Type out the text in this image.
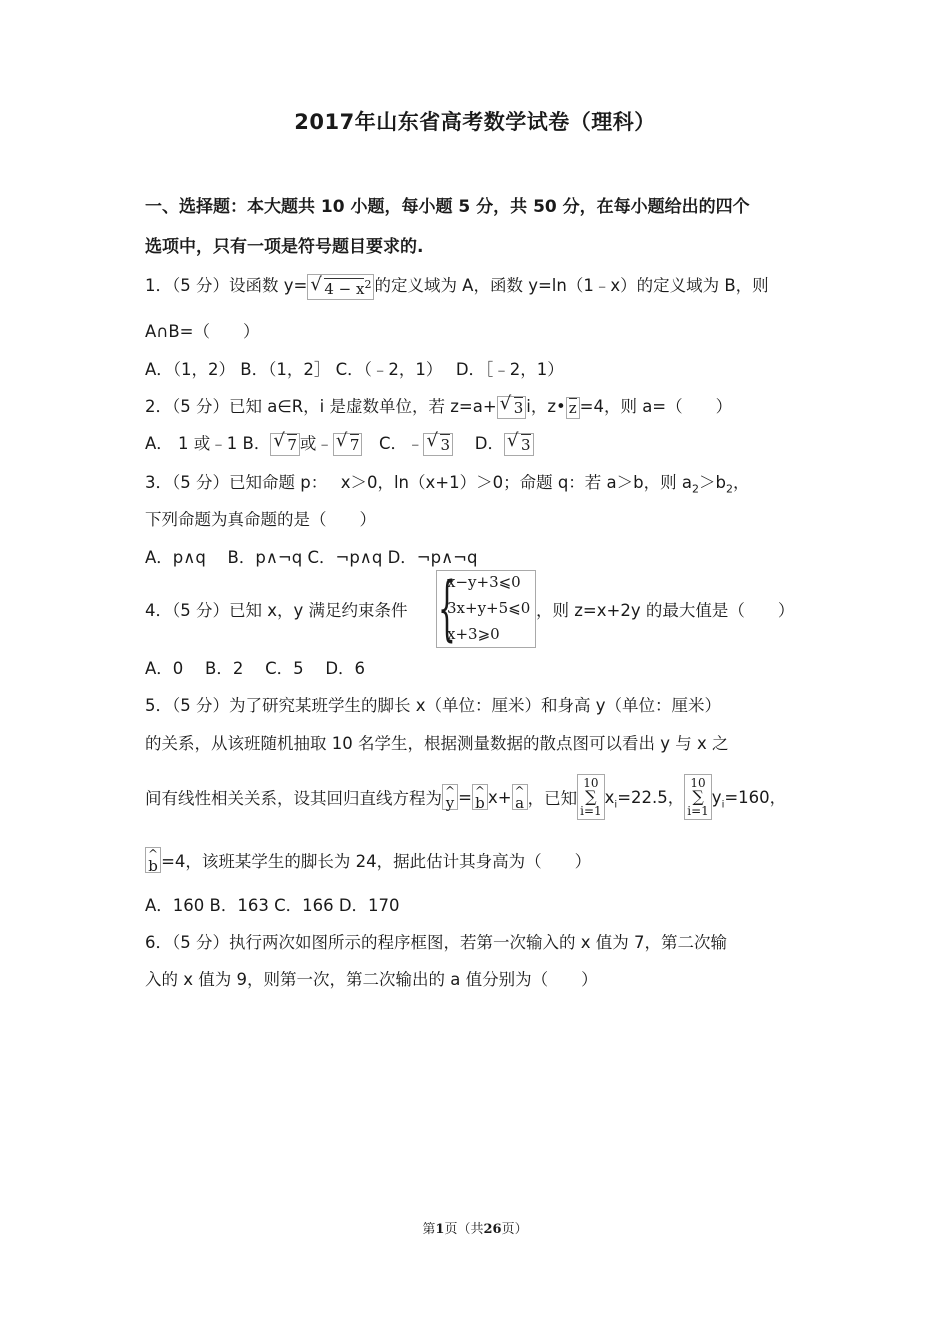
2017年山东省高考数学试卷（理科）
一、选择题：本大题共 10 小题，每小题 5 分，共 50 分，在每小题给出的四个
选项中，只有一项是符号题目要求的.
1．（5 分）设函数 y= √ $4 - x^2$ 的定义域为 A，函数 y=ln（1﹣x）的定义域为 B，则
A∩B=（　　）
A．（1，2） B．（1，2］ C．（﹣2，1）　 D．［﹣2，1）
2．（5 分）已知 a∈R，i 是虚数单位，若 z=a+ √ 3 i，z• z =4，则 a=（　　）
A． 1 或﹣1 B． √ 7 或﹣ √ 7　C．﹣ √ 3　 D． √ 3
3．（5 分）已知命题 p：　 x＞0，ln（x+1）＞0；命题 q：若 a＞b，则 $a_2>b_2$，
下列命题为真命题的是（　　）
A．p∧q　 B．p∧¬q C．¬p∧q D．¬p∧¬q
4．（5 分）已知 x，y 满足约束条件 {
x−y+3⩽0
3x+y+5⩽0
x+3⩾0
，则 z=x+2y 的最大值是（　　）
A．0　 B．2　 C．5　 D．6
5．（5 分）为了研究某班学生的脚长 x（单位：厘米）和身高 y（单位：厘米）
的关系，从该班随机抽取 10 名学生，根据测量数据的散点图可以看出 y 与 x 之
间有线性相关关系，设其回归直线方程为 ^
y = ^
b x+ ^
a ，已知
10
∑
i=1
$x_i=22.5$，
10
∑
i=1
$y_i=160$，
^
b =4，该班某学生的脚长为 24，据此估计其身高为（　　）
A．160 B．163 C．166 D．170
6．（5 分）执行两次如图所示的程序框图，若第一次输入的 x 值为 7，第二次输
入的 x 值为 9，则第一次，第二次输出的 a 值分别为（　　）
第1页（共26页）
